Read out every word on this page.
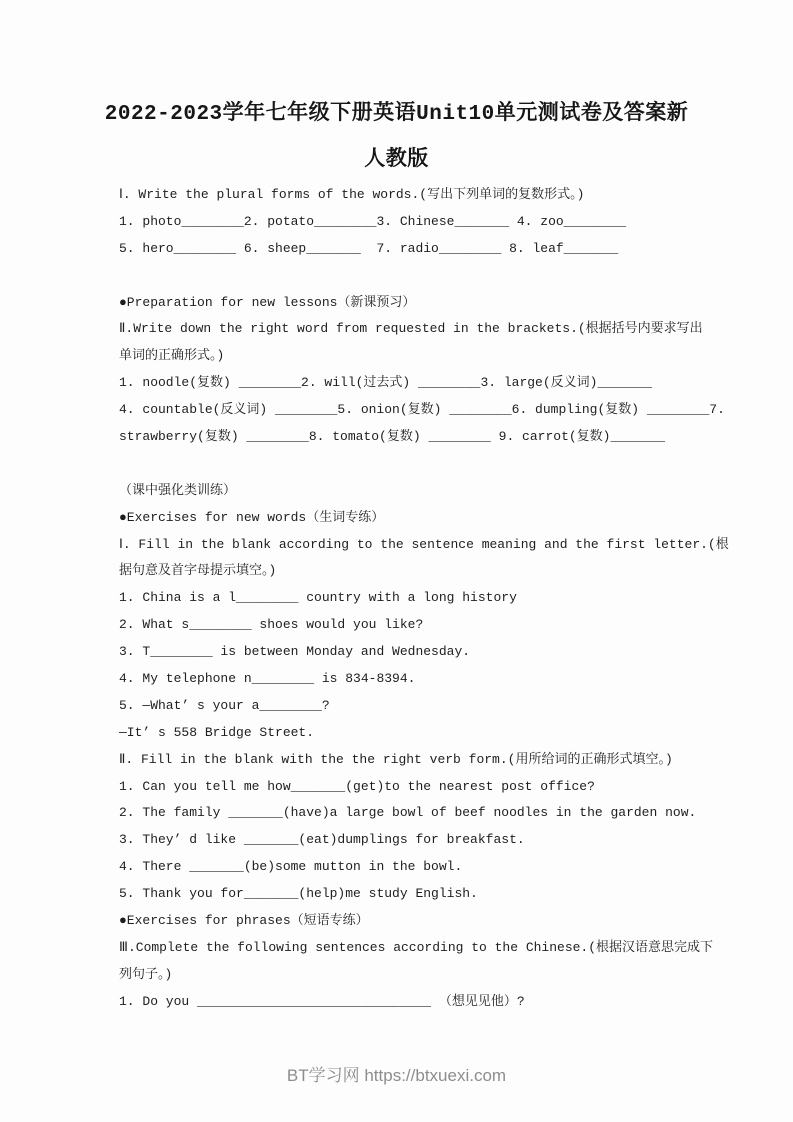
2022-2023学年七年级下册英语Unit10单元测试卷及答案新
人教版
Ⅰ. Write the plural forms of the words.(写出下列单词的复数形式。)
1. photo________2. potato________3. Chinese_______ 4. zoo________
5. hero________ 6. sheep_______  7. radio________ 8. leaf_______
●Preparation for new lessons（新课预习）
Ⅱ.Write down the right word from requested in the brackets.(根据括号内要求写出
单词的正确形式。)
1. noodle(复数) ________2. will(过去式) ________3. large(反义词)_______
4. countable(反义词) ________5. onion(复数) ________6. dumpling(复数) ________7.
strawberry(复数) ________8. tomato(复数) ________ 9. carrot(复数)_______
（课中强化类训练）
●Exercises for new words（生词专练）
Ⅰ. Fill in the blank according to the sentence meaning and the first letter.(根
据句意及首字母提示填空。)
1. China is a l________ country with a long history
2. What s________ shoes would you like?
3. T________ is between Monday and Wednesday.
4. My telephone n________ is 834-8394.
5. —What’ s your a________?
—It’ s 558 Bridge Street.
Ⅱ. Fill in the blank with the the right verb form.(用所给词的正确形式填空。)
1. Can you tell me how_______(get)to the nearest post office?
2. The family _______(have)a large bowl of beef noodles in the garden now.
3. They’ d like _______(eat)dumplings for breakfast.
4. There _______(be)some mutton in the bowl.
5. Thank you for_______(help)me study English.
●Exercises for phrases（短语专练）
Ⅲ.Complete the following sentences according to the Chinese.(根据汉语意思完成下
列句子。)
1. Do you ______________________________ （想见见他）?
BT学习网 https://btxuexi.com
